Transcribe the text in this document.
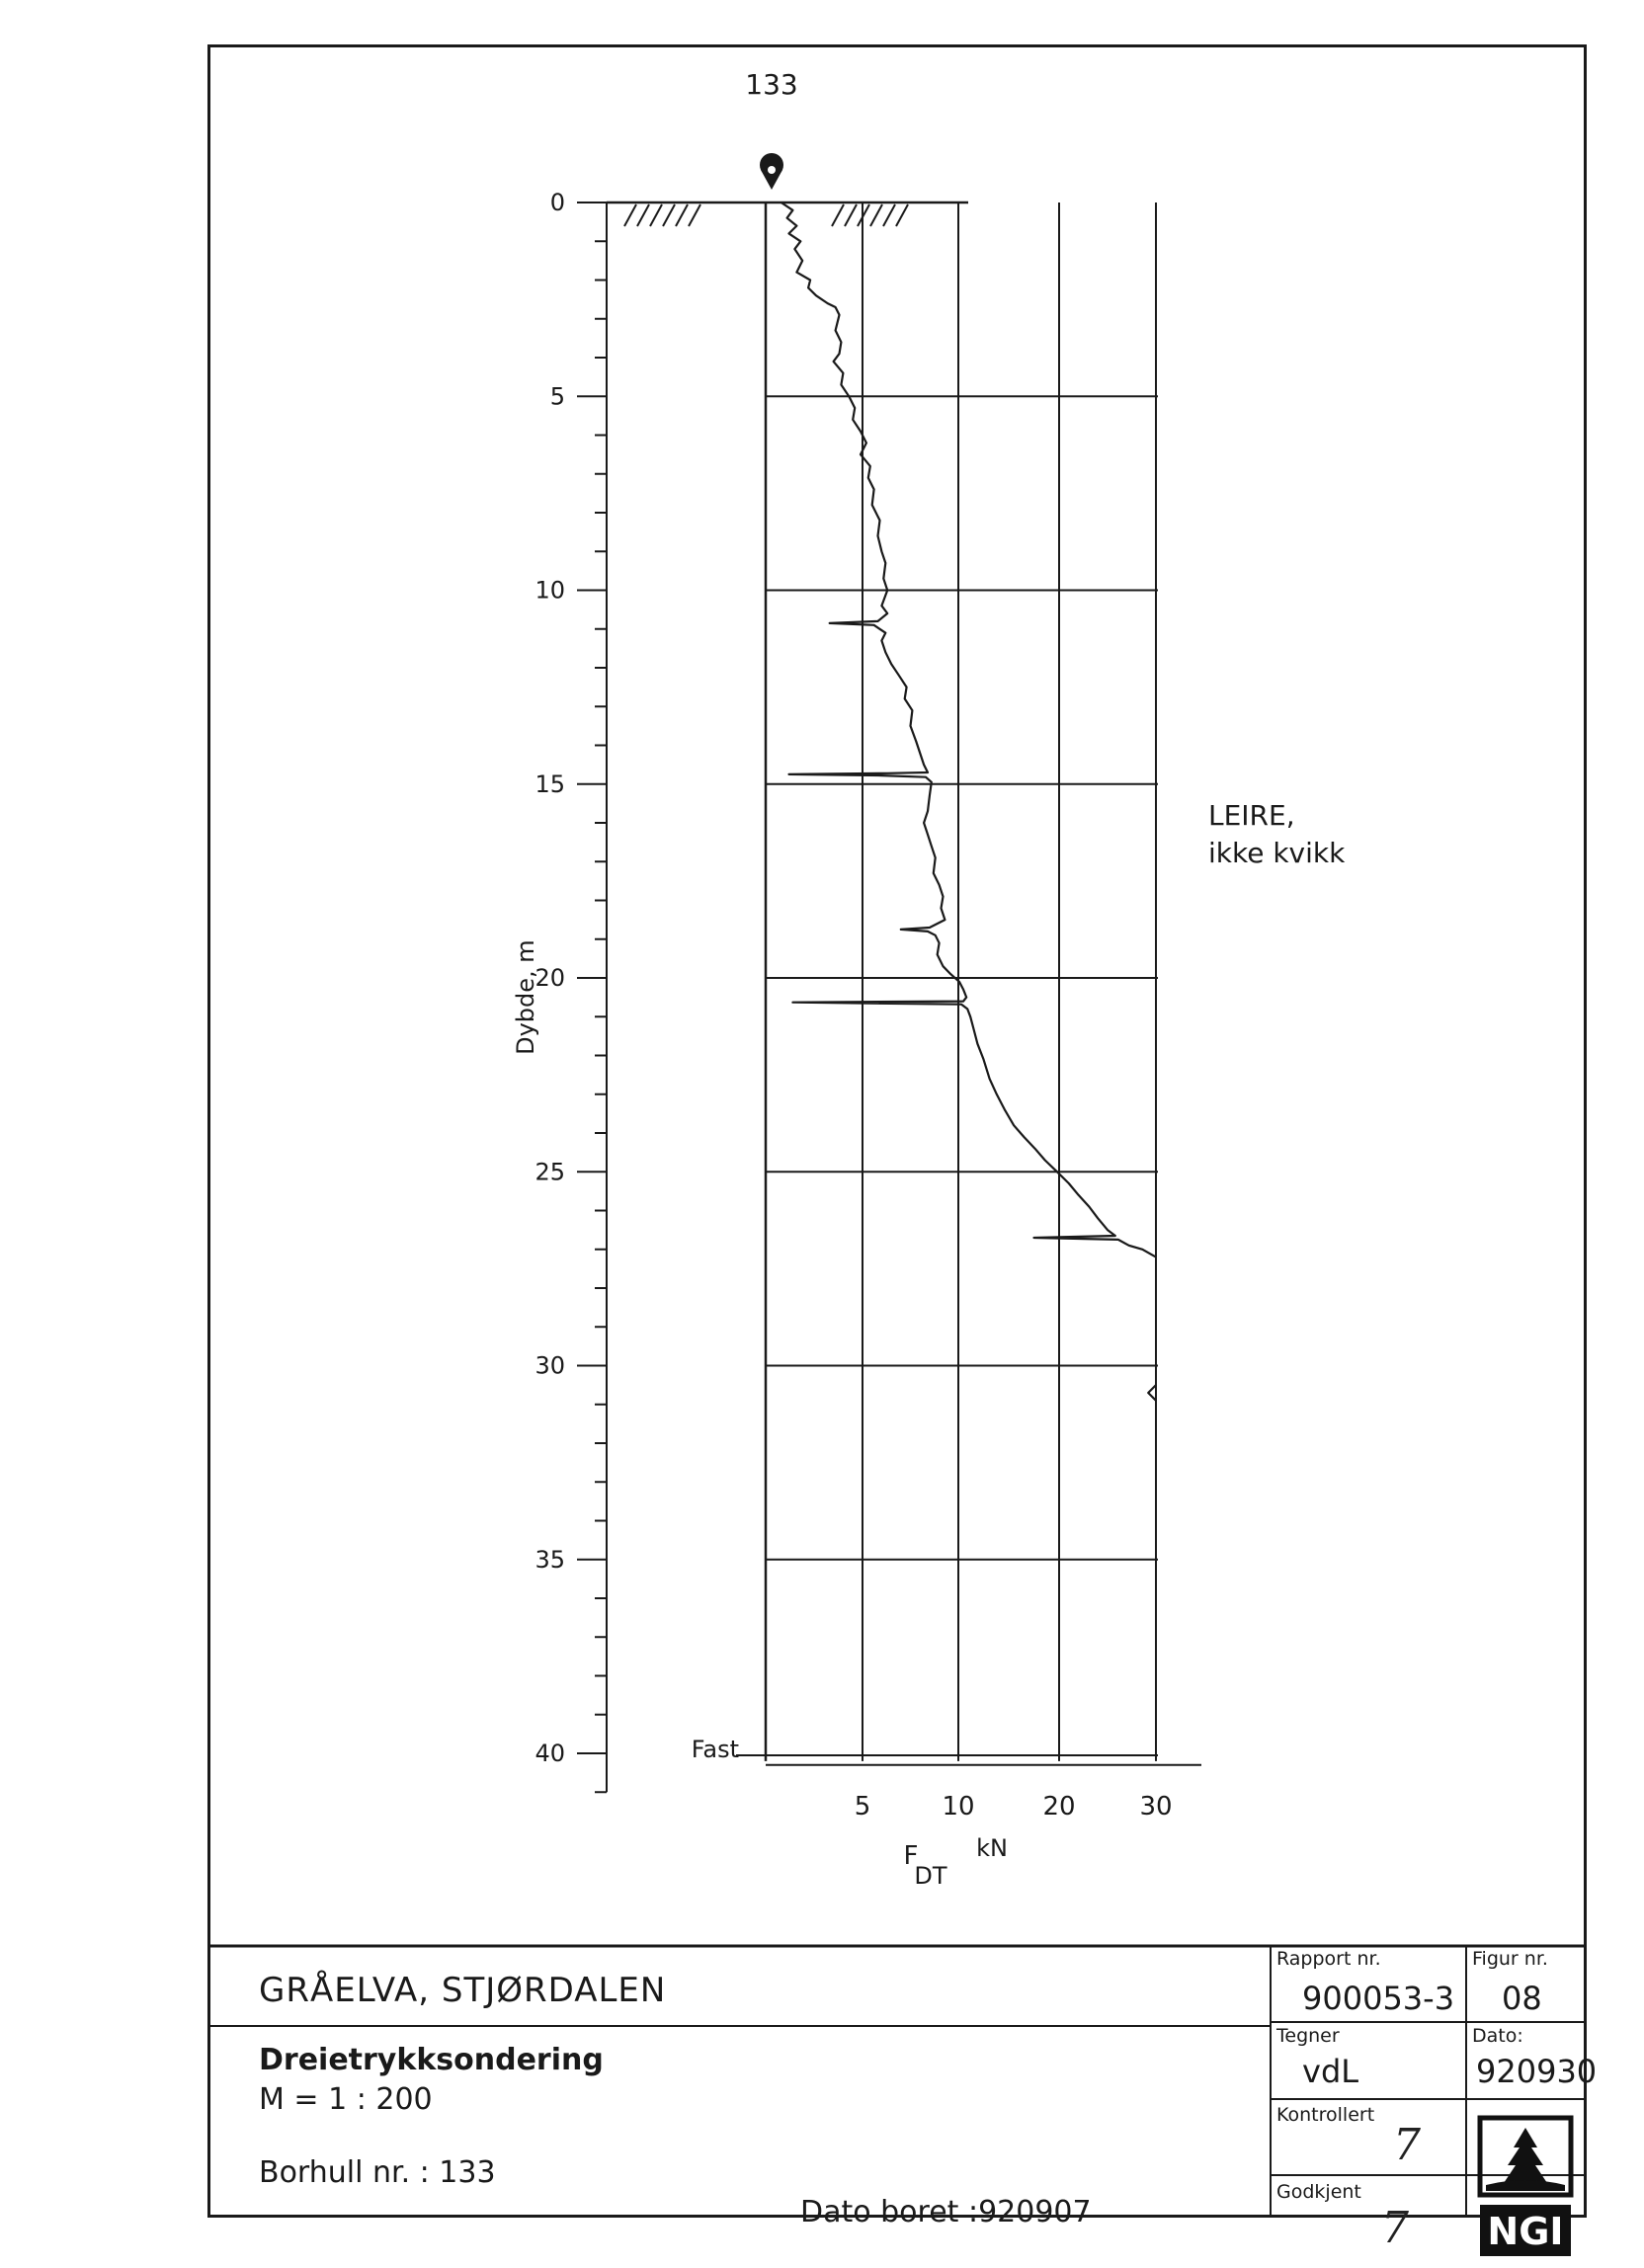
0
5
10
15
20
25
30
35
40
Dybde, m
Fast
5	10	20 30
F
DT
kN
133
LEIRE,
ikke kvikk
GRÅELVA, STJØRDALEN
Dreietrykksondering
M = 1 : 200
Borhull nr. : 133
Dato boret :920907
Rapport nr.
900053-3
Figur nr.
08
Tegner
vdL
Dato:
920930
Kontrollert
7
Godkjent
7 NGI
